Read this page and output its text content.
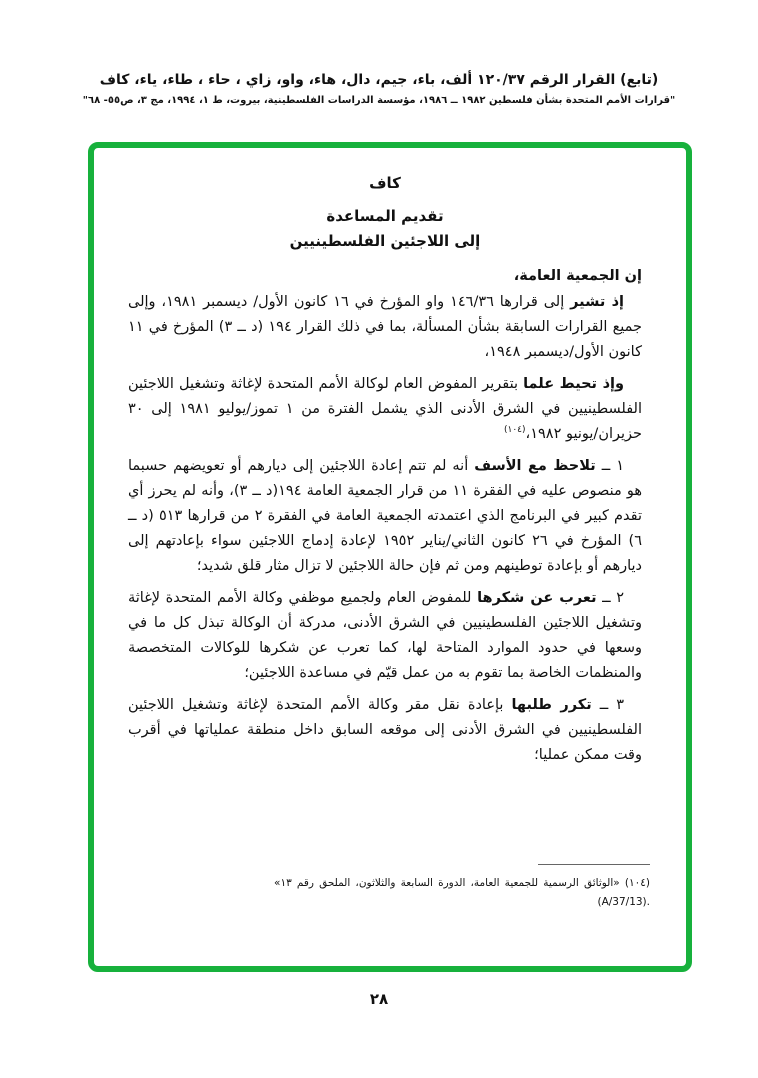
(تابع) القرار الرقم ١٢٠/٣٧ ألف، باء، جيم، دال، هاء، واو، زاي ، حاء ، طاء، ياء، كاف
"قرارات الأمم المتحدة بشأن فلسطين ١٩٨٢ ــ ١٩٨٦، مؤسسة الدراسات الفلسطينية، بيروت، ط ١، ١٩٩٤، مج ٣، ص٥٥- ٦٨"

كاف

تقديم المساعدة
إلى اللاجئين الفلسطينيين

إن الجمعية العامة،

إذ تشير إلى قرارها ١٤٦/٣٦ واو المؤرخ في ١٦ كانون الأول/ ديسمبر ١٩٨١، وإلى جميع القرارات السابقة بشأن المسألة، بما في ذلك القرار ١٩٤ (د ــ ٣) المؤرخ في ١١ كانون الأول/ديسمبر ١٩٤٨،

وإذ تحيط علما بتقرير المفوض العام لوكالة الأمم المتحدة لإغاثة وتشغيل اللاجئين الفلسطينيين في الشرق الأدنى الذي يشمل الفترة من ١ تموز/يوليو ١٩٨١ إلى ٣٠ حزيران/يونيو ١٩٨٢،$^{(١٠٤)}$

١ ــ تلاحظ مع الأسف أنه لم تتم إعادة اللاجئين إلى ديارهم أو تعويضهم حسبما هو منصوص عليه في الفقرة ١١ من قرار الجمعية العامة ١٩٤(د ــ ٣)، وأنه لم يحرز أي تقدم كبير في البرنامج الذي اعتمدته الجمعية العامة في الفقرة ٢ من قرارها ٥١٣ (د ــ ٦) المؤرخ في ٢٦ كانون الثاني/يناير ١٩٥٢ لإعادة إدماج اللاجئين سواء بإعادتهم إلى ديارهم أو بإعادة توطينهم ومن ثم فإن حالة اللاجئين لا تزال مثار قلق شديد؛

٢ ــ تعرب عن شكرها للمفوض العام ولجميع موظفي وكالة الأمم المتحدة لإغاثة وتشغيل اللاجئين الفلسطينيين في الشرق الأدنى، مدركة أن الوكالة تبذل كل ما في وسعها في حدود الموارد المتاحة لها، كما تعرب عن شكرها للوكالات المتخصصة والمنظمات الخاصة بما تقوم به من عمل قيّم في مساعدة اللاجئين؛

٣ ــ تكرر طلبها بإعادة نقل مقر وكالة الأمم المتحدة لإغاثة وتشغيل اللاجئين الفلسطينيين في الشرق الأدنى إلى موقعه السابق داخل منطقة عملياتها في أقرب وقت ممكن عمليا؛

(١٠٤) «الوثائق الرسمية للجمعية العامة، الدورة السابعة والثلاثون، الملحق رقم ١٣» (A/37/13).

٢٨
